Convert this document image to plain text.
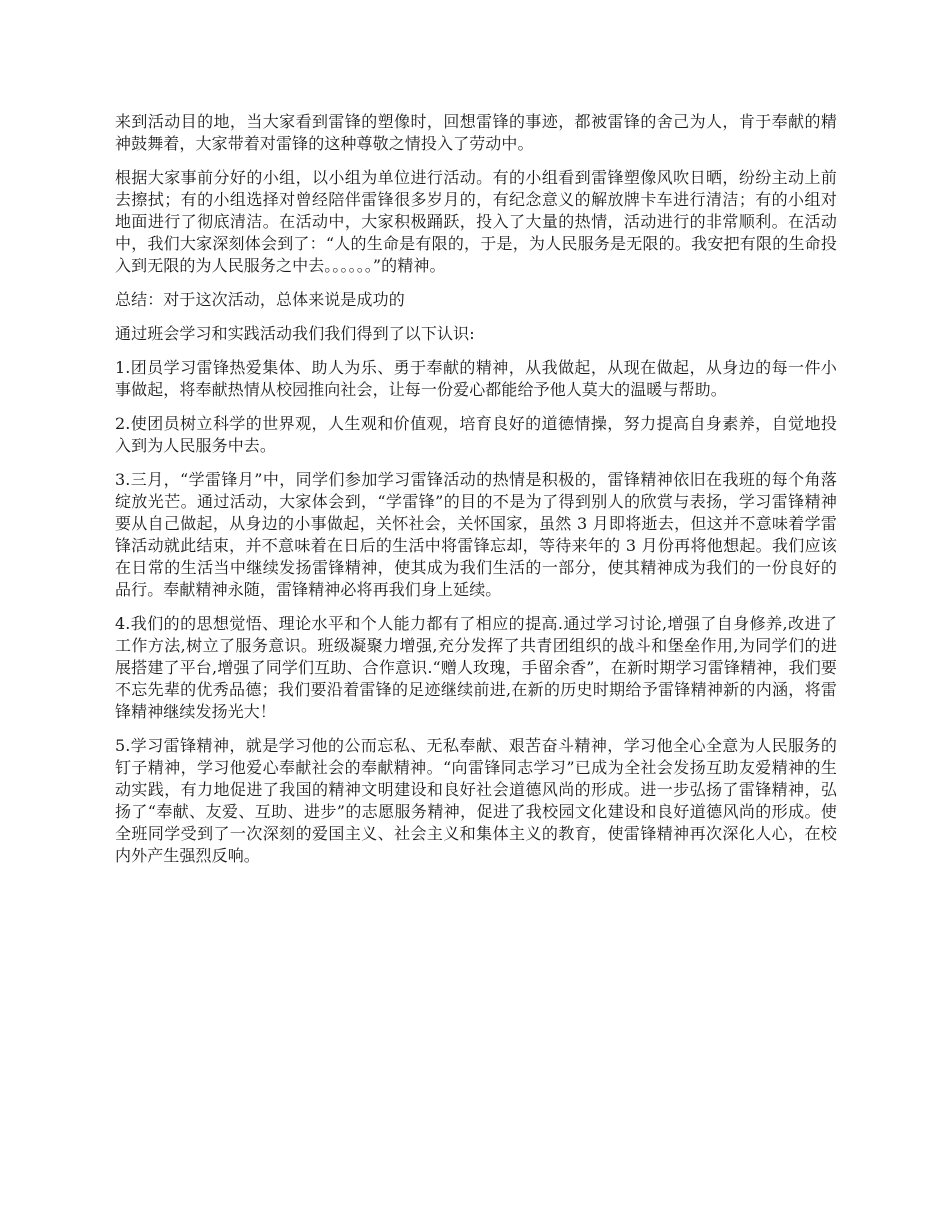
来到活动目的地，当大家看到雷锋的塑像时，回想雷锋的事迹，都被雷锋的舍己为人，肯于奉献的精神鼓舞着，大家带着对雷锋的这种尊敬之情投入了劳动中。

根据大家事前分好的小组，以小组为单位进行活动。有的小组看到雷锋塑像风吹日晒，纷纷主动上前去擦拭；有的小组选择对曾经陪伴雷锋很多岁月的，有纪念意义的解放牌卡车进行清洁；有的小组对地面进行了彻底清洁。在活动中，大家积极踊跃，投入了大量的热情，活动进行的非常顺利。在活动中，我们大家深刻体会到了：“人的生命是有限的，于是，为人民服务是无限的。我安把有限的生命投入到无限的为人民服务之中去。。。。。。”的精神。

总结：对于这次活动，总体来说是成功的

通过班会学习和实践活动我们我们得到了以下认识:

1.团员学习雷锋热爱集体、助人为乐、勇于奉献的精神，从我做起，从现在做起，从身边的每一件小事做起，将奉献热情从校园推向社会，让每一份爱心都能给予他人莫大的温暖与帮助。

2.使团员树立科学的世界观，人生观和价值观，培育良好的道德情操，努力提高自身素养，自觉地投入到为人民服务中去。

3.三月，“学雷锋月”中，同学们参加学习雷锋活动的热情是积极的，雷锋精神依旧在我班的每个角落绽放光芒。通过活动，大家体会到，“学雷锋”的目的不是为了得到别人的欣赏与表扬，学习雷锋精神要从自己做起，从身边的小事做起，关怀社会，关怀国家，虽然 3 月即将逝去，但这并不意味着学雷锋活动就此结束，并不意味着在日后的生活中将雷锋忘却，等待来年的 3 月份再将他想起。我们应该在日常的生活当中继续发扬雷锋精神，使其成为我们生活的一部分，使其精神成为我们的一份良好的品行。奉献精神永随，雷锋精神必将再我们身上延续。

4.我们的的思想觉悟、理论水平和个人能力都有了相应的提高.通过学习讨论,增强了自身修养,改进了工作方法,树立了服务意识。班级凝聚力增强,充分发挥了共青团组织的战斗和堡垒作用,为同学们的进展搭建了平台,增强了同学们互助、合作意识.“赠人玫瑰，手留余香”，在新时期学习雷锋精神，我们要不忘先辈的优秀品德；我们要沿着雷锋的足迹继续前进,在新的历史时期给予雷锋精神新的内涵，将雷锋精神继续发扬光大！

5.学习雷锋精神，就是学习他的公而忘私、无私奉献、艰苦奋斗精神，学习他全心全意为人民服务的钉子精神，学习他爱心奉献社会的奉献精神。“向雷锋同志学习”已成为全社会发扬互助友爱精神的生动实践，有力地促进了我国的精神文明建设和良好社会道德风尚的形成。进一步弘扬了雷锋精神，弘扬了“奉献、友爱、互助、进步”的志愿服务精神，促进了我校园文化建设和良好道德风尚的形成。使全班同学受到了一次深刻的爱国主义、社会主义和集体主义的教育，使雷锋精神再次深化人心，在校内外产生强烈反响。
